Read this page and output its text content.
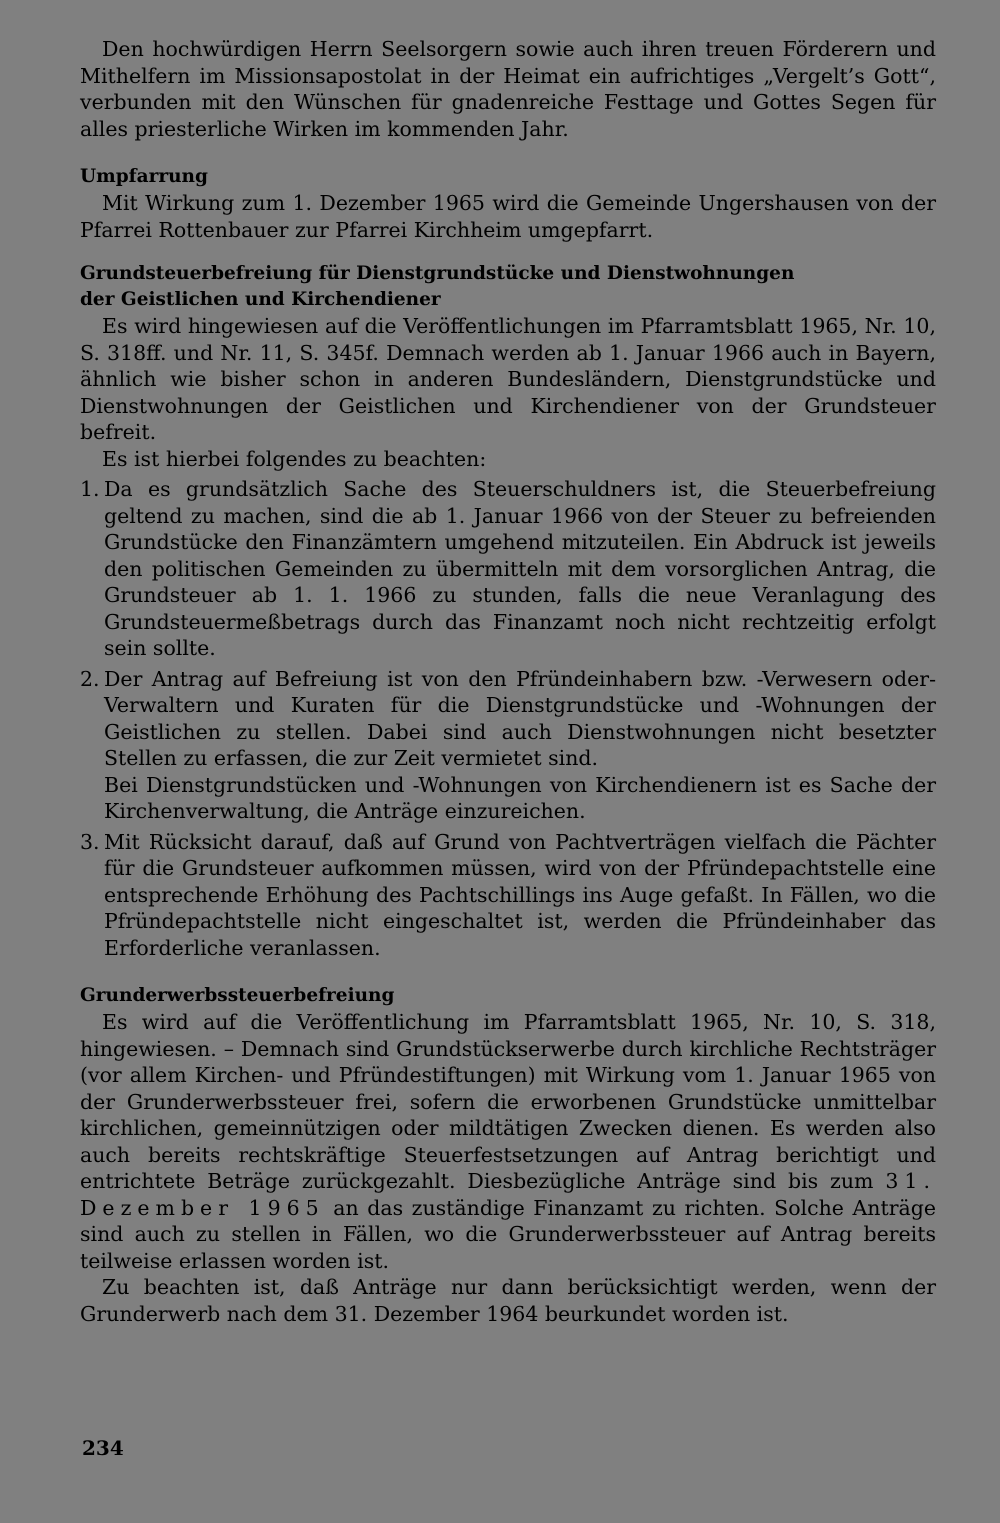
Den hochwürdigen Herrn Seelsorgern sowie auch ihren treuen Förderern und Mithelfern im Missionsapostolat in der Heimat ein aufrichtiges „Vergelt’s Gott“, verbunden mit den Wünschen für gnadenreiche Festtage und Gottes Segen für alles priesterliche Wirken im kommenden Jahr.

Umpfarrung

Mit Wirkung zum 1. Dezember 1965 wird die Gemeinde Ungershausen von der Pfarrei Rottenbauer zur Pfarrei Kirchheim umgepfarrt.

Grundsteuerbefreiung für Dienstgrundstücke und Dienstwohnungen
der Geistlichen und Kirchendiener

Es wird hingewiesen auf die Veröffentlichungen im Pfarramtsblatt 1965, Nr. 10, S. 318ff. und Nr. 11, S. 345f. Demnach werden ab 1. Januar 1966 auch in Bayern, ähnlich wie bisher schon in anderen Bundesländern, Dienstgrundstücke und Dienstwohnungen der Geistlichen und Kirchendiener von der Grundsteuer befreit.

Es ist hierbei folgendes zu beachten:

1. Da es grundsätzlich Sache des Steuerschuldners ist, die Steuerbefreiung geltend zu machen, sind die ab 1. Januar 1966 von der Steuer zu befreienden Grundstücke den Finanzämtern umgehend mitzuteilen. Ein Abdruck ist jeweils den politischen Gemeinden zu übermitteln mit dem vorsorglichen Antrag, die Grundsteuer ab 1. 1. 1966 zu stunden, falls die neue Veranlagung des Grundsteuermeßbetrags durch das Finanzamt noch nicht rechtzeitig erfolgt sein sollte.
2. Der Antrag auf Befreiung ist von den Pfründeinhabern bzw. -Verwesern oder-Verwaltern und Kuraten für die Dienstgrundstücke und -Wohnungen der Geistlichen zu stellen. Dabei sind auch Dienstwohnungen nicht besetzter Stellen zu erfassen, die zur Zeit vermietet sind.
Bei Dienstgrundstücken und -Wohnungen von Kirchendienern ist es Sache der Kirchenverwaltung, die Anträge einzureichen.
3. Mit Rücksicht darauf, daß auf Grund von Pachtverträgen vielfach die Pächter für die Grundsteuer aufkommen müssen, wird von der Pfründepachtstelle eine entsprechende Erhöhung des Pachtschillings ins Auge gefaßt. In Fällen, wo die Pfründepachtstelle nicht eingeschaltet ist, werden die Pfründeinhaber das Erforderliche veranlassen.
Grunderwerbssteuerbefreiung

Es wird auf die Veröffentlichung im Pfarramtsblatt 1965, Nr. 10, S. 318, hingewiesen. – Demnach sind Grundstückserwerbe durch kirchliche Rechtsträger (vor allem Kirchen- und Pfründestiftungen) mit Wirkung vom 1. Januar 1965 von der Grunderwerbssteuer frei, sofern die erworbenen Grundstücke unmittelbar kirchlichen, gemeinnützigen oder mildtätigen Zwecken dienen. Es werden also auch bereits rechtskräftige Steuerfestsetzungen auf Antrag berichtigt und entrichtete Beträge zurückgezahlt. Diesbezügliche Anträge sind bis zum 31. Dezember 1965 an das zuständige Finanzamt zu richten. Solche Anträge sind auch zu stellen in Fällen, wo die Grunderwerbssteuer auf Antrag bereits teilweise erlassen worden ist.

Zu beachten ist, daß Anträge nur dann berücksichtigt werden, wenn der Grunderwerb nach dem 31. Dezember 1964 beurkundet worden ist.

234
